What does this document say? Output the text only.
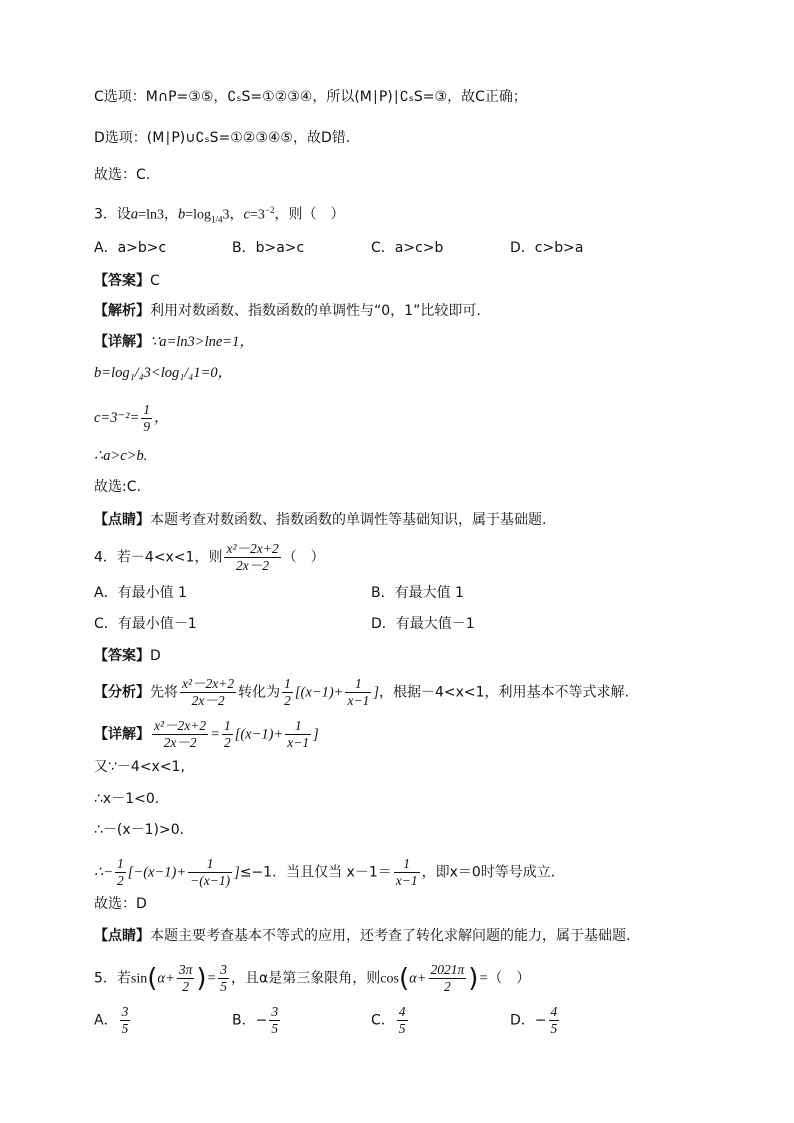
C选项：M∩P=③⑤，∁ₛS=①②③④，所以(M∣P)∣∁ₛS=③，故C正确；
D选项：(M∣P)∪∁ₛS=①②③④⑤，故D错.
故选：C.
3．设a=ln3，$b=\log_{1/4}3$，$c=3^{-2}$，则（　）
A．a>b>c	B．b>a>c	C．a>c>b	D．c>b>a
【答案】C
【解析】利用对数函数、指数函数的单调性与“0，1”比较即可.
【详解】∵a=ln3>lne=1，
b=log₁/₄3<log₁/₄1=0，
$c=3^{-2}= \frac{1}{9}$ ，
∴a>c>b.
故选:C.
【点睛】本题考查对数函数、指数函数的单调性等基础知识，属于基础题.
4．若－4<x<1，则 $\frac{\text{x²－2x+2}}{2x-2}$ （　）
A．有最小值 1	B．有最大值 1
C．有最小值－1	D．有最大值－1
【答案】D
【分析】先将 $\frac{\text{x²－2x+2}}{2x-2}$ 转化为 $\frac{1}{2} [(x-1)+ \frac{1}{x-1}$ ]，根据－4<x<1，利用基本不等式求解.
【详解】 $\frac{\text{x²－2x+2}}{2x-2} = \frac{1}{2} [(x-1)+ \frac{1}{x-1}$ ]
又∵－4<x<1,
∴x－1<0.
∴－(x－1)>0.
∴− $\frac{1}{2} [-(x-1)+ \frac{1}{-(x-1)} ]\le-1$．当且仅当 $x-1= \frac{1}{x-1}$ ，即x＝0时等号成立．
故选：D
【点睛】本题主要考查基本不等式的应用，还考查了转化求解问题的能力，属于基础题.
5．若$\sin(\alpha+ \frac{3\pi}{2}$ )= $\frac{3}{5}$ ，且α是第三象限角，则$\cos(\alpha+ \frac{2021\pi}{2}$ )=（　）
A． $\frac{3}{5}$	B．− $\frac{3}{5}$	C． $\frac{4}{5}$	D．− $\frac{4}{5}$
